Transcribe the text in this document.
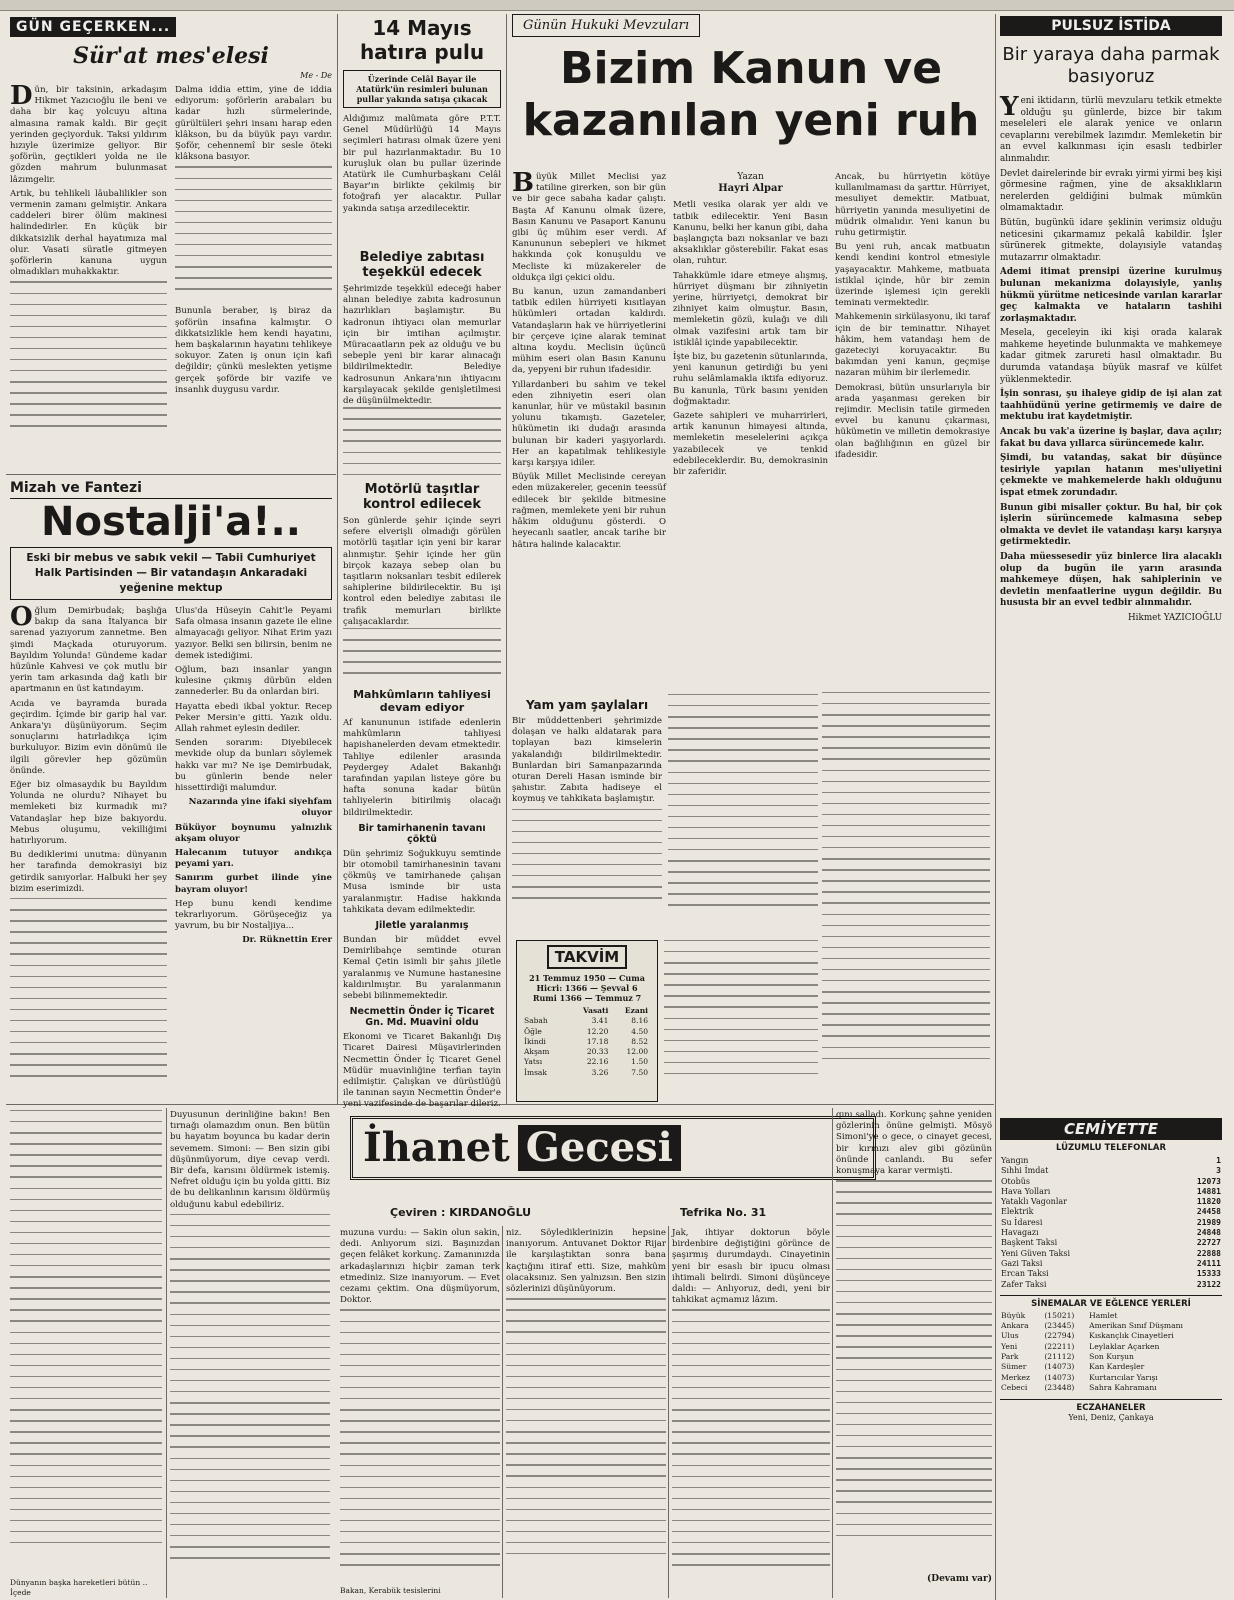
GÜN GEÇERKEN...
Sür'at mes'elesi
Me - De

Dün, bir taksinin, arkadaşım Hikmet Yazıcıoğlu ile beni ve daha bir kaç yolcuyu altına almasına ramak kaldı. Bir geçit yerinden geçiyorduk. Taksi yıldırım hızıyle üzerimize geliyor. Bir şoförün, geçtikleri yolda ne ile gözden mahrum bulunmasat lâzımgelir.

Artık, bu tehlikeli lâubalilikler son vermenin zamanı gelmiştir. Ankara caddeleri birer ölüm makinesi halindedirler. En küçük bir dikkatsizlik derhal hayatımıza mal olur. Vasati süratle gitmeyen şoförlerin kanuna uygun olmadıkları muhakkaktır.

Dalma iddia ettim, yine de iddia ediyorum: şoförlerin arabaları bu kadar hızlı sürmelerinde, gürültüleri şehri insanı harap eden klâkson, bu da büyük payı vardır. Şoför, cehennemî bir sesle öteki klâksona basıyor.

Bununla beraber, iş biraz da şoförün insafına kalmıştır. O dikkatsizlikle hem kendi hayatını, hem başkalarının hayatını tehlikeye sokuyor. Zaten iş onun için kafi değildir; çünkü meslekten yetişme gerçek şoförde bir vazife ve insanlık duygusu vardır.

Mizah ve Fantezi
Nostalji'a!..
Eski bir mebus ve sabık vekil — Tabii Cumhuriyet Halk Partisinden — Bir vatandaşın Ankaradaki yeğenine mektup

Oğlum Demirbudak; başlığa bakıp da sana İtalyanca bir sarenad yazıyorum zannetme. Ben şimdi Maçkada oturuyorum. Bayıldım Yolunda! Gündeme kadar hüzünle Kahvesi ve çok mutlu bir yerin tam arkasında dağ katlı bir apartmanın en üst katındayım.

Acıda ve bayramda burada geçirdim. İçimde bir garip hal var. Ankara'yı düşünüyorum. Seçim sonuçlarını hatırladıkça içim burkuluyor. Bizim evin dönümü ile ilgili görevler hep gözümün önünde.

Eğer biz olmasaydık bu Bayıldım Yolunda ne olurdu? Nihayet bu memleketi biz kurmadık mı? Vatandaşlar hep bize bakıyordu. Mebus oluşumu, vekilliğimi hatırlıyorum.

Bu dediklerimi unutma: dünyanın her tarafında demokrasiyi biz getirdik sanıyorlar. Halbuki her şey bizim eserimizdi.

Ulus'da Hüseyin Cahit'le Peyami Safa olmasa insanın gazete ile eline almayacağı geliyor. Nihat Erim yazı yazıyor. Belki sen bilirsin, benim ne demek istediğimi.

Oğlum, bazı insanlar yangın kulesine çıkmış dürbün elden zannederler. Bu da onlardan biri.

Hayatta ebedi ikbal yoktur. Recep Peker Mersin'e gitti. Yazık oldu. Allah rahmet eylesin dediler.

Senden sorarım: Diyebilecek mevkide olup da bunları söylemek hakkı var mı? Ne işe Demirbudak, bu günlerin bende neler hissettirdiği malumdur.

Nazarında yine ifaki siyehfam oluyor

Büküyor boynumu yalnızlık akşam oluyor

Halecanım tutuyor andıkça peyami yarı.

Sanırım gurbet ilinde yine bayram oluyor!

Hep bunu kendi kendime tekrarlıyorum. Görüşeceğiz ya yavrum, bu bir Nostaljiya...

Dr. Rüknettin Erer

14 Mayıs
hatıra pulu
Üzerinde Celâl Bayar ile Atatürk'ün resimleri bulunan pullar yakında satışa çıkacak
Aldığımız malûmata göre P.T.T. Genel Müdürlüğü 14 Mayıs seçimleri hatırası olmak üzere yeni bir pul hazırlanmaktadır. Bu 10 kuruşluk olan bu pullar üzerinde Atatürk ile Cumhurbaşkanı Celâl Bayar'ın birlikte çekilmiş bir fotoğrafı yer alacaktır. Pullar yakında satışa arzedilecektir.
Belediye zabıtası teşekkül edecek
Şehrimizde teşekkül edeceği haber alınan belediye zabıta kadrosunun hazırlıkları başlamıştır. Bu kadronun ihtiyacı olan memurlar için bir imtihan açılmıştır. Müracaatların pek az olduğu ve bu sebeple yeni bir karar alınacağı bildirilmektedir. Belediye kadrosunun Ankara'nın ihtiyacını karşılayacak şekilde genişletilmesi de düşünülmektedir.
Motörlü taşıtlar kontrol edilecek
Son günlerde şehir içinde seyri sefere elverişli olmadığı görülen motörlü taşıtlar için yeni bir karar alınmıştır. Şehir içinde her gün birçok kazaya sebep olan bu taşıtların noksanları tesbit edilerek sahiplerine bildirilecektir. Bu işi kontrol eden belediye zabıtası ile trafik memurları birlikte çalışacaklardır.
Mahkûmların tahliyesi devam ediyor
Af kanununun istifade edenlerin mahkûmların tahliyesi hapishanelerden devam etmektedir. Tahliye edilenler arasında Peydergey Adalet Bakanlığı tarafından yapılan listeye göre bu hafta sonuna kadar bütün tahliyelerin bitirilmiş olacağı bildirilmektedir.
Bir tamirhanenin tavanı çöktü
Dün şehrimiz Soğukkuyu semtinde bir otomobil tamirhanesinin tavanı çökmüş ve tamirhanede çalışan Musa isminde bir usta yaralanmıştır. Hadise hakkında tahkikata devam edilmektedir.
Jiletle yaralanmış
Bundan bir müddet evvel Demirlibahçe semtinde oturan Kemal Çetin isimli bir şahıs jiletle yaralanmış ve Numune hastanesine kaldırılmıştır. Bu yaralanmanın sebebi bilinmemektedir.
Necmettin Önder İç Ticaret Gn. Md. Muavini oldu
Ekonomi ve Ticaret Bakanlığı Dış Ticaret Dairesi Müşavirlerinden Necmettin Önder İç Ticaret Genel Müdür muavinliğine terfian tayin edilmiştir. Çalışkan ve dürüstlüğü ile tanınan sayın Necmettin Önder'e yeni vazifesinde de başarılar dileriz.
Günün Hukuki Mevzuları
Bizim Kanun ve
kazanılan yeni ruh

Büyük Millet Meclisi yaz tatiline girerken, son bir gün ve bir gece sabaha kadar çalıştı. Başta Af Kanunu olmak üzere, Basın Kanunu ve Pasaport Kanunu gibi üç mühim eser verdi. Af Kanununun sebepleri ve hikmet hakkında çok konuşuldu ve Mecliste ki müzakereler de oldukça ilgi çekici oldu.

Bu kanun, uzun zamandanberi tatbik edilen hürriyeti kısıtlayan hükümleri ortadan kaldırdı. Vatandaşların hak ve hürriyetlerini bir çerçeve içine alarak teminat altına koydu. Meclisin üçüncü mühim eseri olan Basın Kanunu da, yepyeni bir ruhun ifadesidir.

Yıllardanberi bu sahim ve tekel eden zihniyetin eseri olan kanunlar, hür ve müstakil basının yolunu tıkamıştı. Gazeteler, hükümetin iki dudağı arasında bulunan bir kaderi yaşıyorlardı. Her an kapatılmak tehlikesiyle karşı karşıya idiler.

Büyük Millet Meclisinde cereyan eden müzakereler, gecenin teessüf edilecek bir şekilde bitmesine rağmen, memlekete yeni bir ruhun hâkim olduğunu gösterdi. O heyecanlı saatler, ancak tarihe bir hâtıra halinde kalacaktır.

Yazan
Hayri Alpar

Metli vesika olarak yer aldı ve tatbik edilecektir. Yeni Basın Kanunu, belki her kanun gibi, daha başlangıçta bazı noksanlar ve bazı aksaklıklar gösterebilir. Fakat esas olan, ruhtur.

Tahakkümle idare etmeye alışmış, hürriyet düşmanı bir zihniyetin yerine, hürriyetçi, demokrat bir zihniyet kaim olmuştur. Basın, memleketin gözü, kulağı ve dili olmak vazifesini artık tam bir istiklâl içinde yapabilecektir.

İşte biz, bu gazetenin sütunlarında, yeni kanunun getirdiği bu yeni ruhu selâmlamakla iktifa ediyoruz. Bu kanunla, Türk basını yeniden doğmaktadır.

Gazete sahipleri ve muharrirleri, artık kanunun himayesi altında, memleketin meselelerini açıkça yazabilecek ve tenkid edebileceklerdir. Bu, demokrasinin bir zaferidir.

Ancak, bu hürriyetin kötüye kullanılmaması da şarttır. Hürriyet, mesuliyet demektir. Matbuat, hürriyetin yanında mesuliyetini de müdrik olmalıdır. Yeni kanun bu ruhu getirmiştir.

Bu yeni ruh, ancak matbuatın kendi kendini kontrol etmesiyle yaşayacaktır. Mahkeme, matbuata istiklal içinde, hür bir zemin üzerinde işlemesi için gerekli teminatı vermektedir.

Mahkemenin sirkülasyonu, iki taraf için de bir teminattır. Nihayet hâkim, hem vatandaşı hem de gazeteciyi koruyacaktır. Bu bakımdan yeni kanun, geçmişe nazaran mühim bir ilerlemedir.

Demokrasi, bütün unsurlarıyla bir arada yaşanması gereken bir rejimdir. Meclisin tatile girmeden evvel bu kanunu çıkarması, hükümetin ve milletin demokrasiye olan bağlılığının en güzel bir ifadesidir.

Yam yam şaylaları
Bir müddettenberi şehrimizde dolaşan ve halkı aldatarak para toplayan bazı kimselerin yakalandığı bildirilmektedir. Bunlardan biri Samanpazarında oturan Dereli Hasan isminde bir şahıstır. Zabıta hadiseye el koymuş ve tahkikata başlamıştır.
TAKVİM
21 Temmuz 1950 — Cuma
Hicri: 1366 — Şevval 6
Rumi 1366 — Temmuz 7
	Vasati	Ezani
Sabah	3.41	8.16
Öğle	12.20	4.50
İkindi	17.18	8.52
Akşam	20.33	12.00
Yatsı	22.16	1.50
İmsak	3.26	7.50
PULSUZ İSTİDA
Bir yaraya daha parmak basıyoruz

Yeni iktidarın, türlü mevzularu tetkik etmekte olduğu şu günlerde, bizce bir takım meseleleri ele alarak yenice ve onların cevaplarını verebilmek lazımdır. Memleketin bir an evvel kalkınması için esaslı tedbirler alınmalıdır.

Devlet dairelerinde bir evrakı yirmi yirmi beş kişi görmesine rağmen, yine de aksaklıkların nerelerden geldiğini bulmak mümkün olmamaktadır.

Bütün, bugünkü idare şeklinin verimsiz olduğu neticesini çıkarmamız pekalâ kabildir. İşler sürünerek gitmekte, dolayısiyle vatandaş mutazarrır olmaktadır.

Ademi itimat prensipi üzerine kurulmuş bulunan mekanizma dolayısiyle, yanlış hükmü yürütme neticesinde varılan kararlar geç kalmakta ve hataların tashihi zorlaşmaktadır.

Mesela, geceleyin iki kişi orada kalarak mahkeme heyetinde bulunmakta ve mahkemeye kadar gitmek zarureti hasıl olmaktadır. Bu durumda vatandaşa büyük masraf ve külfet yüklenmektedir.

İşin sonrası, şu ihaleye gidip de işi alan zat taahhüdünü yerine getirmemiş ve daire de mektubu irat kaydetmiştir.

Ancak bu vak'a üzerine iş başlar, dava açılır; fakat bu dava yıllarca sürüncemede kalır.

Şimdi, bu vatandaş, sakat bir düşünce tesiriyle yapılan hatanın mes'uliyetini çekmekte ve mahkemelerde haklı olduğunu ispat etmek zorundadır.

Bunun gibi misaller çoktur. Bu hal, bir çok işlerin sürüncemede kalmasına sebep olmakta ve devlet ile vatandaşı karşı karşıya getirmektedir.

Daha müessesedir yüz binlerce lira alacaklı olup da bugün ile yarın arasında mahkemeye düşen, hak sahiplerinin ve devletin menfaatlerine uygun değildir. Bu hususta bir an evvel tedbir alınmalıdır.

Hikmet YAZICIOĞLU

CEMİYETTE
LÜZUMLU TELEFONLAR
Yangın	1
Sıhhi İmdat	3
Otobüs	12073
Hava Yolları	14881
Yataklı Vagonlar	11820
Elektrik	24458
Su İdaresi	21989
Havagazı	24848
Başkent Taksi	22727
Yeni Güven Taksi	22888
Gazi Taksi	24111
Ercan Taksi	15333
Zafer Taksi	23122
SİNEMALAR VE EĞLENCE YERLERİ
Büyük	(15021)	Hamlet
Ankara	(23445)	Amerikan Sınıf Düşmanı
Ulus	(22794)	Kıskançlık Cinayetleri
Yeni	(22211)	Leylaklar Açarken
Park	(21112)	Son Kurşun
Sümer	(14073)	Kan Kardeşler
Merkez	(14073)	Kurtarıcılar Yarışı
Cebeci	(23448)	Sahra Kahramanı
ECZAHANELER
Yeni, Deniz, Çankaya
İhanet Gecesi
Çeviren : KIRDANOĞLU	Tefrika No. 31
Duyusunun derinliğine bakın! Ben tırnağı olamazdım onun. Ben bütün bu hayatım boyunca bu kadar derin sevemem. Simoni: — Ben sizin gibi düşünmüyorum, diye cevap verdi. Bir defa, karısını öldürmek istemiş. Nefret olduğu için bu yolda gitti. Biz de bu delikanlının karısını öldürmüş olduğunu kabul edebiliriz.
Dünyanın başka hareketleri bütün .. İçede
muzuna vurdu: — Sakin olun sakin, dedi. Anlıyorum sizi. Başınızdan geçen felâket korkunç. Zamanınızda arkadaşlarınızı hiçbir zaman terk etmediniz. Size inanıyorum. — Evet cezamı çektim. Ona düşmüyorum, Doktor.
Bakan, Kerabük tesislerini
niz. Söylediklerinizin hepsine inanıyorum. Antuvanet Doktor Rijar ile karşılaştıktan sonra bana kaçtığını itiraf etti. Size, mahkûm olacaksınız. Sen yalnızsın. Ben sizin sözlerinizi düşünüyorum.
Jak, ihtiyar doktorun böyle birdenbire değiştiğini görünce de şaşırmış durumdaydı. Cinayetinin yeni bir esaslı bir ipucu olması ihtimali belirdi. Simoni düşünceye daldı: — Anlıyoruz, dedi, yeni bir tahkikat açmamız lâzım.
gını salladı. Korkunç şahne yeniden gözlerinin önüne gelmişti. Mösyö Simoni'ye o gece, o cinayet gecesi, bir kırmızı alev gibi gözünün önünde canlandı. Bu sefer konuşmaya karar vermişti.
(Devamı var)
